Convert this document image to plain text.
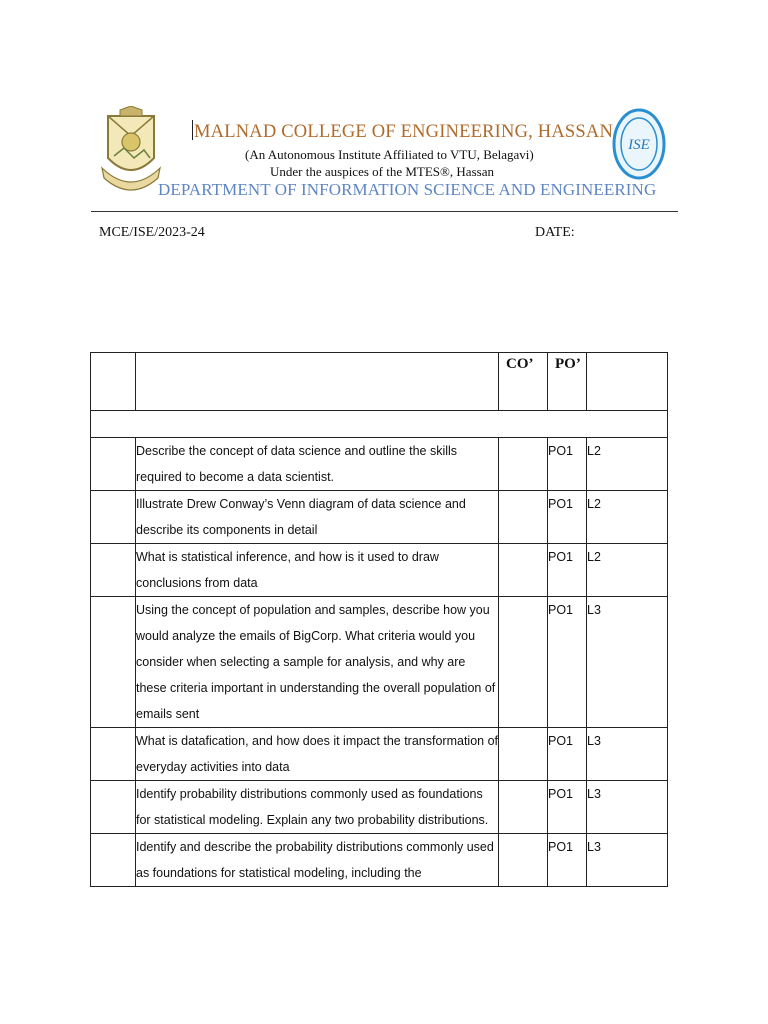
ISE
MALNAD COLLEGE OF ENGINEERING, HASSAN
(An Autonomous Institute Affiliated to VTU, Belagavi)
Under the auspices of the MTES®, Hassan
DEPARTMENT OF INFORMATION SCIENCE AND ENGINEERING
MCE/ISE/2023-24	DATE:
		CO’	PO’	

	Describe the concept of data science and outline the skills required to become a data scientist.		PO1	L2
	Illustrate Drew Conway’s Venn diagram of data science and describe its components in detail		PO1	L2
	What is statistical inference, and how is it used to draw conclusions from data		PO1	L2
	Using the concept of population and samples, describe how you would analyze the emails of BigCorp. What criteria would you consider when selecting a sample for analysis, and why are these criteria important in understanding the overall population of emails sent		PO1	L3
	What is datafication, and how does it impact the transformation of everyday activities into data		PO1	L3
	Identify probability distributions commonly used as foundations for statistical modeling. Explain any two probability distributions.		PO1	L3
	Identify and describe the probability distributions commonly used as foundations for statistical modeling, including the		PO1	L3
